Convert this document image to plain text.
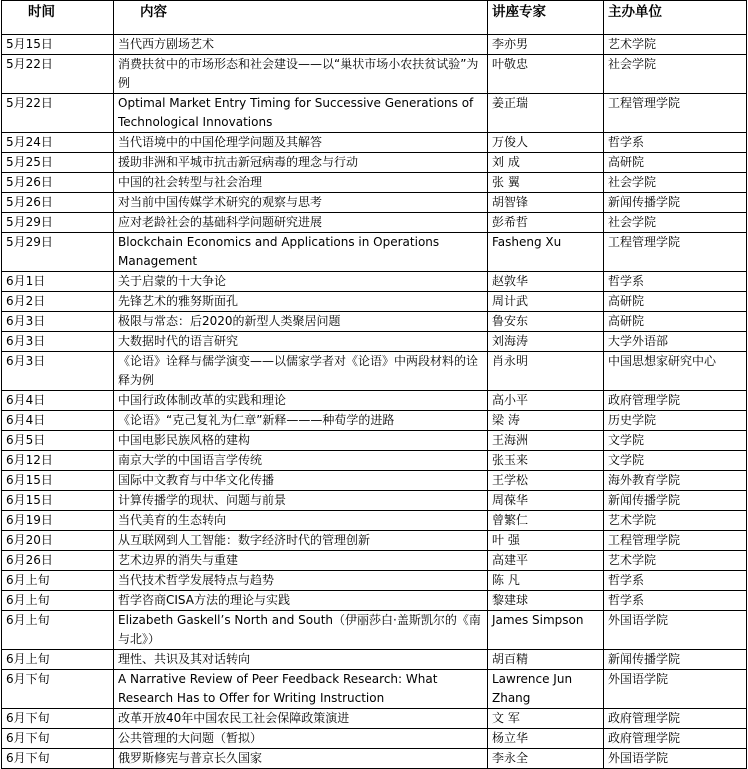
时间	内容	讲座专家	主办单位
5月15日	当代西方剧场艺术	李亦男	艺术学院
5月22日	消费扶贫中的市场形态和社会建设——以“巢状市场小农扶贫试验”为例	叶敬忠	社会学院
5月22日	Optimal Market Entry Timing for Successive Generations of Technological Innovations	姜正瑞	工程管理学院
5月24日	当代语境中的中国伦理学问题及其解答	万俊人	哲学系
5月25日	援助非洲和平城市抗击新冠病毒的理念与行动	刘 成	高研院
5月26日	中国的社会转型与社会治理	张 翼	社会学院
5月26日	对当前中国传媒学术研究的观察与思考	胡智锋	新闻传播学院
5月29日	应对老龄社会的基础科学问题研究进展	彭希哲	社会学院
5月29日	Blockchain Economics and Applications in Operations Management	Fasheng Xu	工程管理学院
6月1日	关于启蒙的十大争论	赵敦华	哲学系
6月2日	先锋艺术的雅努斯面孔	周计武	高研院
6月3日	极限与常态：后2020的新型人类聚居问题	鲁安东	高研院
6月3日	大数据时代的语言研究	刘海涛	大学外语部
6月3日	《论语》诠释与儒学演变——以儒家学者对《论语》中两段材料的诠释为例	肖永明	中国思想家研究中心
6月4日	中国行政体制改革的实践和理论	高小平	政府管理学院
6月4日	《论语》“克己复礼为仁章”新释———种荀学的进路	梁 涛	历史学院
6月5日	中国电影民族风格的建构	王海洲	文学院
6月12日	南京大学的中国语言学传统	张玉来	文学院
6月15日	国际中文教育与中华文化传播	王学松	海外教育学院
6月15日	计算传播学的现状、问题与前景	周葆华	新闻传播学院
6月19日	当代美育的生态转向	曾繁仁	艺术学院
6月20日	从互联网到人工智能：数字经济时代的管理创新	叶 强	工程管理学院
6月26日	艺术边界的消失与重建	高建平	艺术学院
6月上旬	当代技术哲学发展特点与趋势	陈 凡	哲学系
6月上旬	哲学咨商CISA方法的理论与实践	黎建球	哲学系
6月上旬	Elizabeth Gaskell’s North and South（伊丽莎白·盖斯凯尔的《南与北》）	James Simpson	外国语学院
6月上旬	理性、共识及其对话转向	胡百精	新闻传播学院
6月下旬	A Narrative Review of Peer Feedback Research: What Research Has to Offer for Writing Instruction	Lawrence Jun Zhang	外国语学院
6月下旬	改革开放40年中国农民工社会保障政策演进	文 军	政府管理学院
6月下旬	公共管理的大问题（暂拟）	杨立华	政府管理学院
6月下旬	俄罗斯修宪与普京长久国家	李永全	外国语学院
